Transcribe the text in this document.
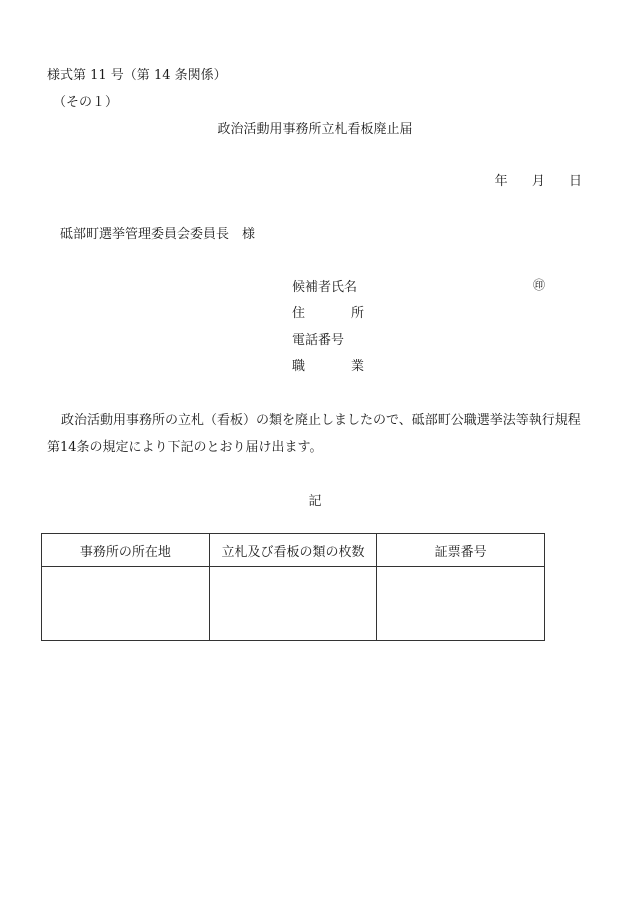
様式第 11 号（第 14 条関係）
（その１）
政治活動用事務所立札看板廃止届
年 月 日
砥部町選挙管理委員会委員長　様
候補者氏名	㊞
住	所
電話番号
職	業
政治活動用事務所の立札（看板）の類を廃止しましたので、砥部町公職選挙法等執行規程第14条の規定により下記のとおり届け出ます。
記
事務所の所在地	立札及び看板の類の枚数	証票番号
